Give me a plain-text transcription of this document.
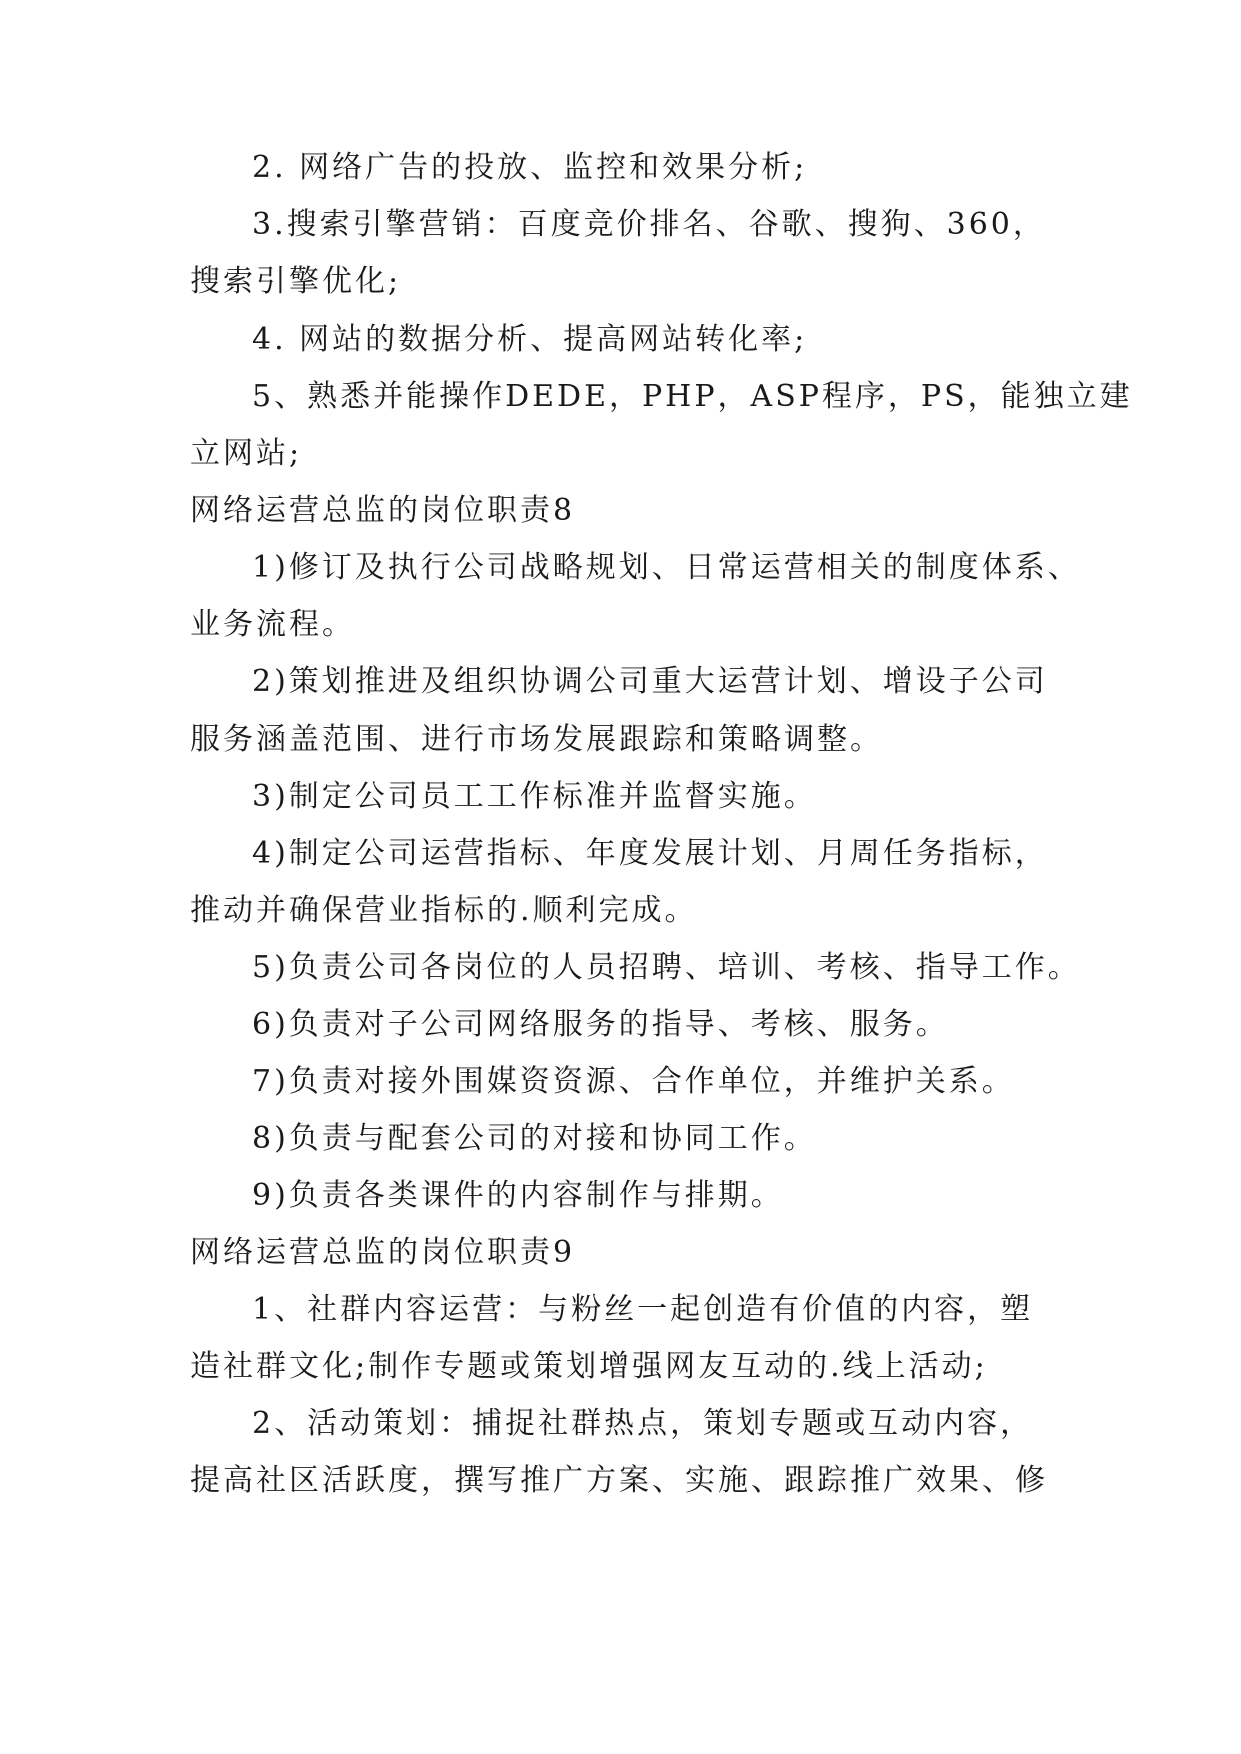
2. 网络广告的投放、监控和效果分析;
3.搜索引擎营销：百度竞价排名、谷歌、搜狗、360，
搜索引擎优化;
4. 网站的数据分析、提高网站转化率;
5、熟悉并能操作DEDE，PHP，ASP程序，PS，能独立建
立网站;
网络运营总监的岗位职责8
1)修订及执行公司战略规划、日常运营相关的制度体系、
业务流程。
2)策划推进及组织协调公司重大运营计划、增设子公司
服务涵盖范围、进行市场发展跟踪和策略调整。
3)制定公司员工工作标准并监督实施。
4)制定公司运营指标、年度发展计划、月周任务指标，
推动并确保营业指标的.顺利完成。
5)负责公司各岗位的人员招聘、培训、考核、指导工作。
6)负责对子公司网络服务的指导、考核、服务。
7)负责对接外围媒资资源、合作单位，并维护关系。
8)负责与配套公司的对接和协同工作。
9)负责各类课件的内容制作与排期。
网络运营总监的岗位职责9
1、社群内容运营：与粉丝一起创造有价值的内容，塑
造社群文化;制作专题或策划增强网友互动的.线上活动;
2、活动策划：捕捉社群热点，策划专题或互动内容，
提高社区活跃度，撰写推广方案、实施、跟踪推广效果、修
